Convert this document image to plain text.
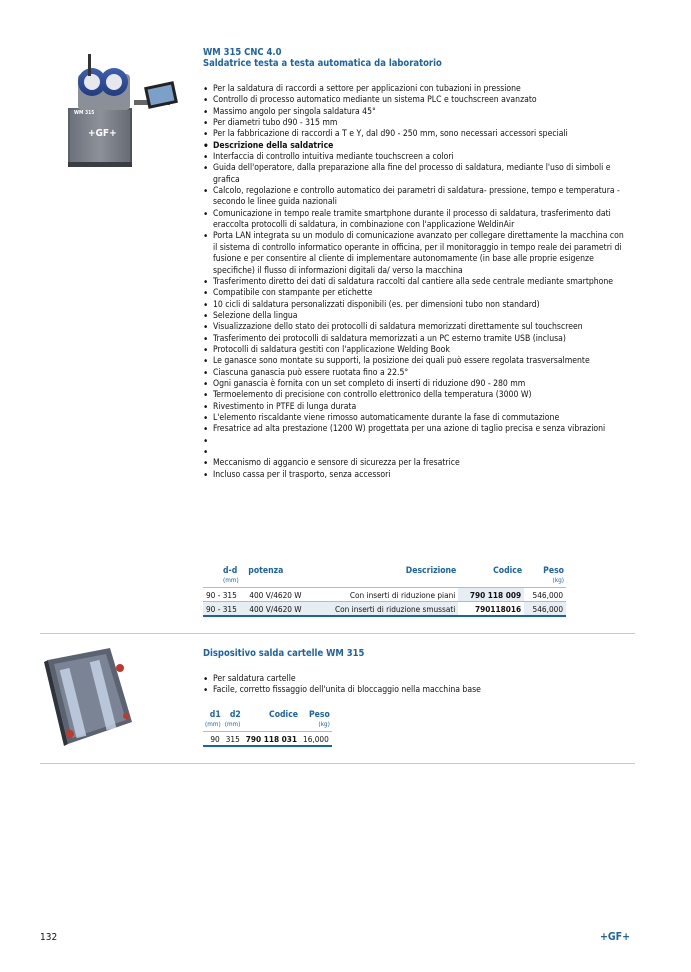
WM 315
+GF+
WM 315 CNC 4.0
Saldatrice testa a testa automatica da laboratorio
• Per la saldatura di raccordi a settore per applicazioni con tubazioni in pressione
• Controllo di processo automatico mediante un sistema PLC e touchscreen avanzato
• Massimo angolo per singola saldatura 45°
• Per diametri tubo d90 - 315 mm
• Per la fabbricazione di raccordi a T e Y, dal d90 - 250 mm, sono necessari accessori speciali
• Descrizione della saldatrice
• Interfaccia di controllo intuitiva mediante touchscreen a colori
• Guida dell'operatore, dalla preparazione alla fine del processo di saldatura, mediante l'uso di simboli e grafica
• Calcolo, regolazione e controllo automatico dei parametri di saldatura- pressione, tempo e temperatura - secondo le linee guida nazionali
• Comunicazione in tempo reale tramite smartphone durante il processo di saldatura, trasferimento dati eraccolta protocolli di saldatura, in combinazione con l'applicazione WeldinAir
• Porta LAN integrata su un modulo di comunicazione avanzato per collegare direttamente la macchina con il sistema di controllo informatico operante in officina, per il monitoraggio in tempo reale dei parametri di fusione e per consentire al cliente di implementare autonomamente (in base alle proprie esigenze specifiche) il flusso di informazioni digitali da/ verso la macchina
• Trasferimento diretto dei dati di saldatura raccolti dal cantiere alla sede centrale mediante smartphone
• Compatibile con stampante per etichette
• 10 cicli di saldatura personalizzati disponibili (es. per dimensioni tubo non standard)
• Selezione della lingua
• Visualizzazione dello stato dei protocolli di saldatura memorizzati direttamente sul touchscreen
• Trasferimento dei protocolli di saldatura memorizzati a un PC esterno tramite USB (inclusa)
• Protocolli di saldatura gestiti con l'applicazione Welding Book
• Le ganasce sono montate su supporti, la posizione dei quali può essere regolata trasversalmente
• Ciascuna ganascia può essere ruotata fino a 22.5°
• Ogni ganascia è fornita con un set completo di inserti di riduzione d90 - 280 mm
• Termoelemento di precisione con controllo elettronico della temperatura (3000 W)
• Rivestimento in PTFE di lunga durata
• L'elemento riscaldante viene rimosso automaticamente durante la fase di commutazione
• Fresatrice ad alta prestazione (1200 W) progettata per una azione di taglio precisa e senza vibrazioni
•
•
• Meccanismo di aggancio e sensore di sicurezza per la fresatrice
• Incluso cassa per il trasporto, senza accessori
d-d	potenza	Descrizione	Codice	Peso
(mm)				(kg)
90 - 315	400 V/4620 W	Con inserti di riduzione piani	790 118 009	546,000
90 - 315	400 V/4620 W	Con inserti di riduzione smussati	790118016	546,000
Dispositivo salda cartelle WM 315
• Per saldatura cartelle
• Facile, corretto fissaggio dell'unita di bloccaggio nella macchina base
d1	d2	Codice	Peso
(mm)	(mm)		(kg)
90	315	790 118 031	16,000
132	+GF+
